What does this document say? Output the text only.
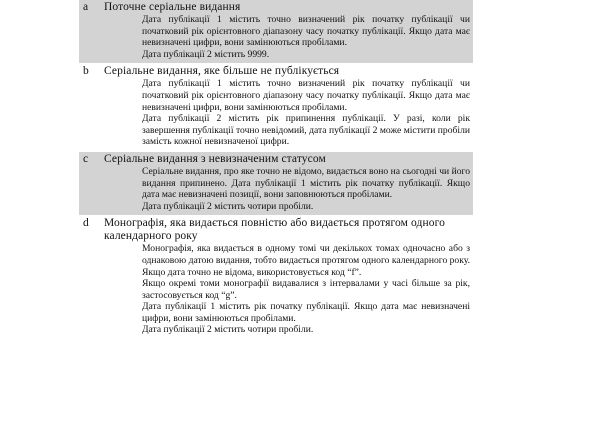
a	Поточне серіальне видання
Дата публікації 1 містить точно визначений рік початку публікації чи початковий рік орієнтовного діапазону часу початку публікації. Якщо дата має невизначені цифри, вони замінюються пробілами.
Дата публікації 2 містить 9999.
b	Серіальне видання, яке більше не публікується
Дата публікації 1 містить точно визначений рік початку публікації чи початковий рік орієнтовного діапазону часу початку публікації. Якщо дата має невизначені цифри, вони замінюються пробілами.
Дата публікації 2 містить рік припинення публікації. У разі, коли рік завершення публікації точно невідомий, дата публікації 2 може містити пробіли замість кожної невизначеної цифри.
c	Серіальне видання з невизначеним статусом
Серіальне видання, про яке точно не відомо, видається воно на сьогодні чи його видання припинено. Дата публікації 1 містить рік початку публікації. Якщо дата має невизначені позиції, вони заповнюються пробілами.
Дата публікації 2 містить чотири пробіли.
d	Монографія, яка видається повністю або видається протягом одного календарного року
Монографія, яка видається в одному томі чи декількох томах одночасно або з однаковою датою видання, тобто видається протягом одного календарного року. Якщо дата точно не відома, використовується код “f”.
Якщо окремі томи монографії видавалися з інтервалами у часі більше за рік, застосовується код “g”.
Дата публікації 1 містить рік початку публікації. Якщо дата має невизначені цифри, вони замінюються пробілами.
Дата публікації 2 містить чотири пробіли.
